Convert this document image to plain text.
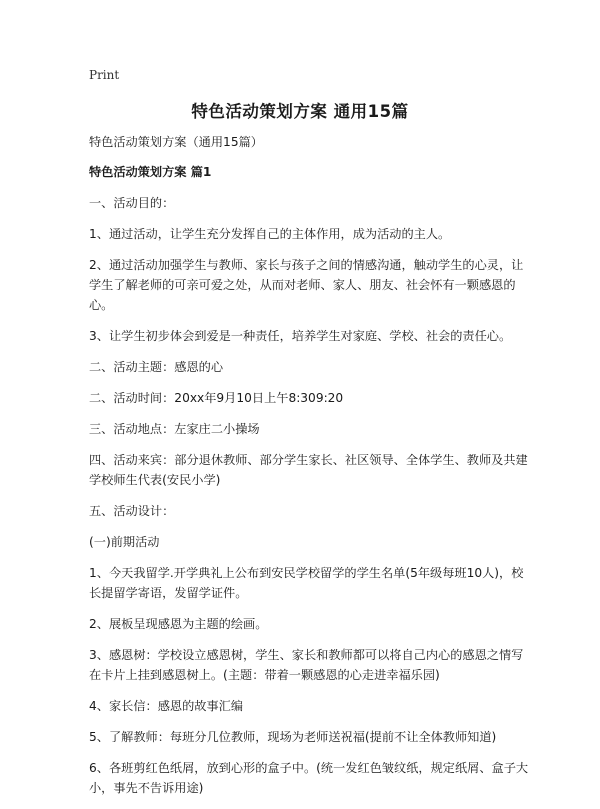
Print
特色活动策划方案 通用15篇

特色活动策划方案（通用15篇）

特色活动策划方案 篇1

一、活动目的：

1、通过活动，让学生充分发挥自己的主体作用，成为活动的主人。

2、通过活动加强学生与教师、家长与孩子之间的情感沟通，触动学生的心灵，让学生了解老师的可亲可爱之处，从而对老师、家人、朋友、社会怀有一颗感恩的心。

3、让学生初步体会到爱是一种责任，培养学生对家庭、学校、社会的责任心。

二、活动主题：感恩的心

二、活动时间：20xx年9月10日上午8:309:20

三、活动地点：左家庄二小操场

四、活动来宾：部分退休教师、部分学生家长、社区领导、全体学生、教师及共建学校师生代表(安民小学)

五、活动设计：

(一)前期活动

1、今天我留学.开学典礼上公布到安民学校留学的学生名单(5年级每班10人)，校长提留学寄语，发留学证件。

2、展板呈现感恩为主题的绘画。

3、感恩树：学校设立感恩树，学生、家长和教师都可以将自己内心的感恩之情写在卡片上挂到感恩树上。(主题：带着一颗感恩的心走进幸福乐园)

4、家长信：感恩的故事汇编

5、了解教师：每班分几位教师，现场为老师送祝福(提前不让全体教师知道)

6、各班剪红色纸屑，放到心形的盒子中。(统一发红色皱纹纸，规定纸屑、盒子大小，事先不告诉用途)
